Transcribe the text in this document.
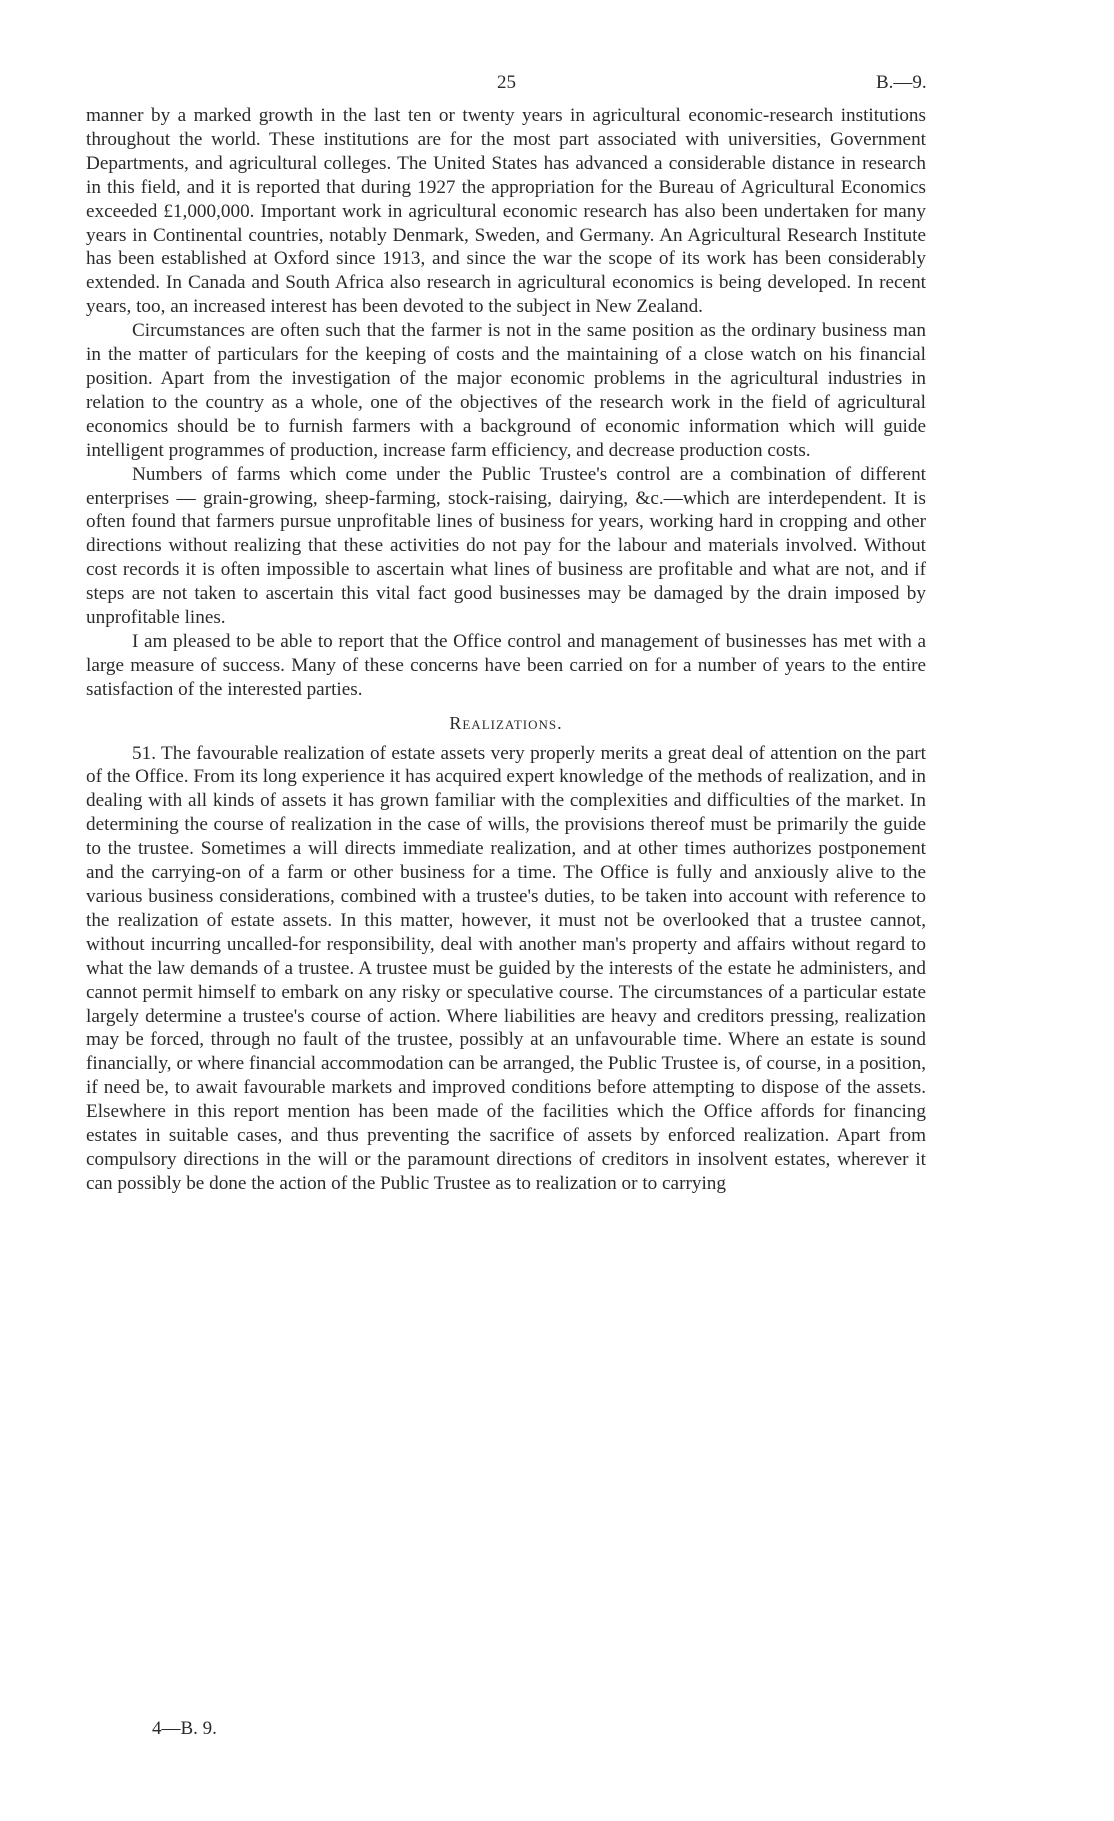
25	B.—9.

manner by a marked growth in the last ten or twenty years in agricultural economic-research institutions throughout the world. These institutions are for the most part associated with universities, Government Departments, and agricultural colleges. The United States has advanced a considerable distance in research in this field, and it is reported that during 1927 the appropriation for the Bureau of Agricultural Economics exceeded £1,000,000. Important work in agricultural economic research has also been undertaken for many years in Continental countries, notably Denmark, Sweden, and Germany. An Agricultural Research Institute has been established at Oxford since 1913, and since the war the scope of its work has been considerably extended. In Canada and South Africa also research in agricultural economics is being developed. In recent years, too, an increased interest has been devoted to the subject in New Zealand.

Circumstances are often such that the farmer is not in the same position as the ordinary business man in the matter of particulars for the keeping of costs and the maintaining of a close watch on his financial position. Apart from the investigation of the major economic problems in the agricultural industries in relation to the country as a whole, one of the objectives of the research work in the field of agricultural economics should be to furnish farmers with a background of economic information which will guide intelligent programmes of production, increase farm efficiency, and decrease production costs.

Numbers of farms which come under the Public Trustee's control are a combination of different enterprises — grain-growing, sheep-farming, stock-raising, dairying, &c.—which are interdependent. It is often found that farmers pursue unprofitable lines of business for years, working hard in cropping and other directions without realizing that these activities do not pay for the labour and materials involved. Without cost records it is often impossible to ascertain what lines of business are profitable and what are not, and if steps are not taken to ascertain this vital fact good businesses may be damaged by the drain imposed by unprofitable lines.

I am pleased to be able to report that the Office control and management of businesses has met with a large measure of success. Many of these concerns have been carried on for a number of years to the entire satisfaction of the interested parties.

Realizations.

51. The favourable realization of estate assets very properly merits a great deal of attention on the part of the Office. From its long experience it has acquired expert knowledge of the methods of realization, and in dealing with all kinds of assets it has grown familiar with the complexities and difficulties of the market. In determining the course of realization in the case of wills, the provisions thereof must be primarily the guide to the trustee. Sometimes a will directs immediate realization, and at other times authorizes postponement and the carrying-on of a farm or other business for a time. The Office is fully and anxiously alive to the various business considerations, combined with a trustee's duties, to be taken into account with reference to the realization of estate assets. In this matter, however, it must not be overlooked that a trustee cannot, without incurring uncalled-for responsibility, deal with another man's property and affairs without regard to what the law demands of a trustee. A trustee must be guided by the interests of the estate he administers, and cannot permit himself to embark on any risky or speculative course. The circumstances of a particular estate largely determine a trustee's course of action. Where liabilities are heavy and creditors pressing, realization may be forced, through no fault of the trustee, possibly at an unfavourable time. Where an estate is sound financially, or where financial accommodation can be arranged, the Public Trustee is, of course, in a position, if need be, to await favourable markets and improved conditions before attempting to dispose of the assets. Elsewhere in this report mention has been made of the facilities which the Office affords for financing estates in suitable cases, and thus preventing the sacrifice of assets by enforced realization. Apart from compulsory directions in the will or the paramount directions of creditors in insolvent estates, wherever it can possibly be done the action of the Public Trustee as to realization or to carrying

4—B. 9.
